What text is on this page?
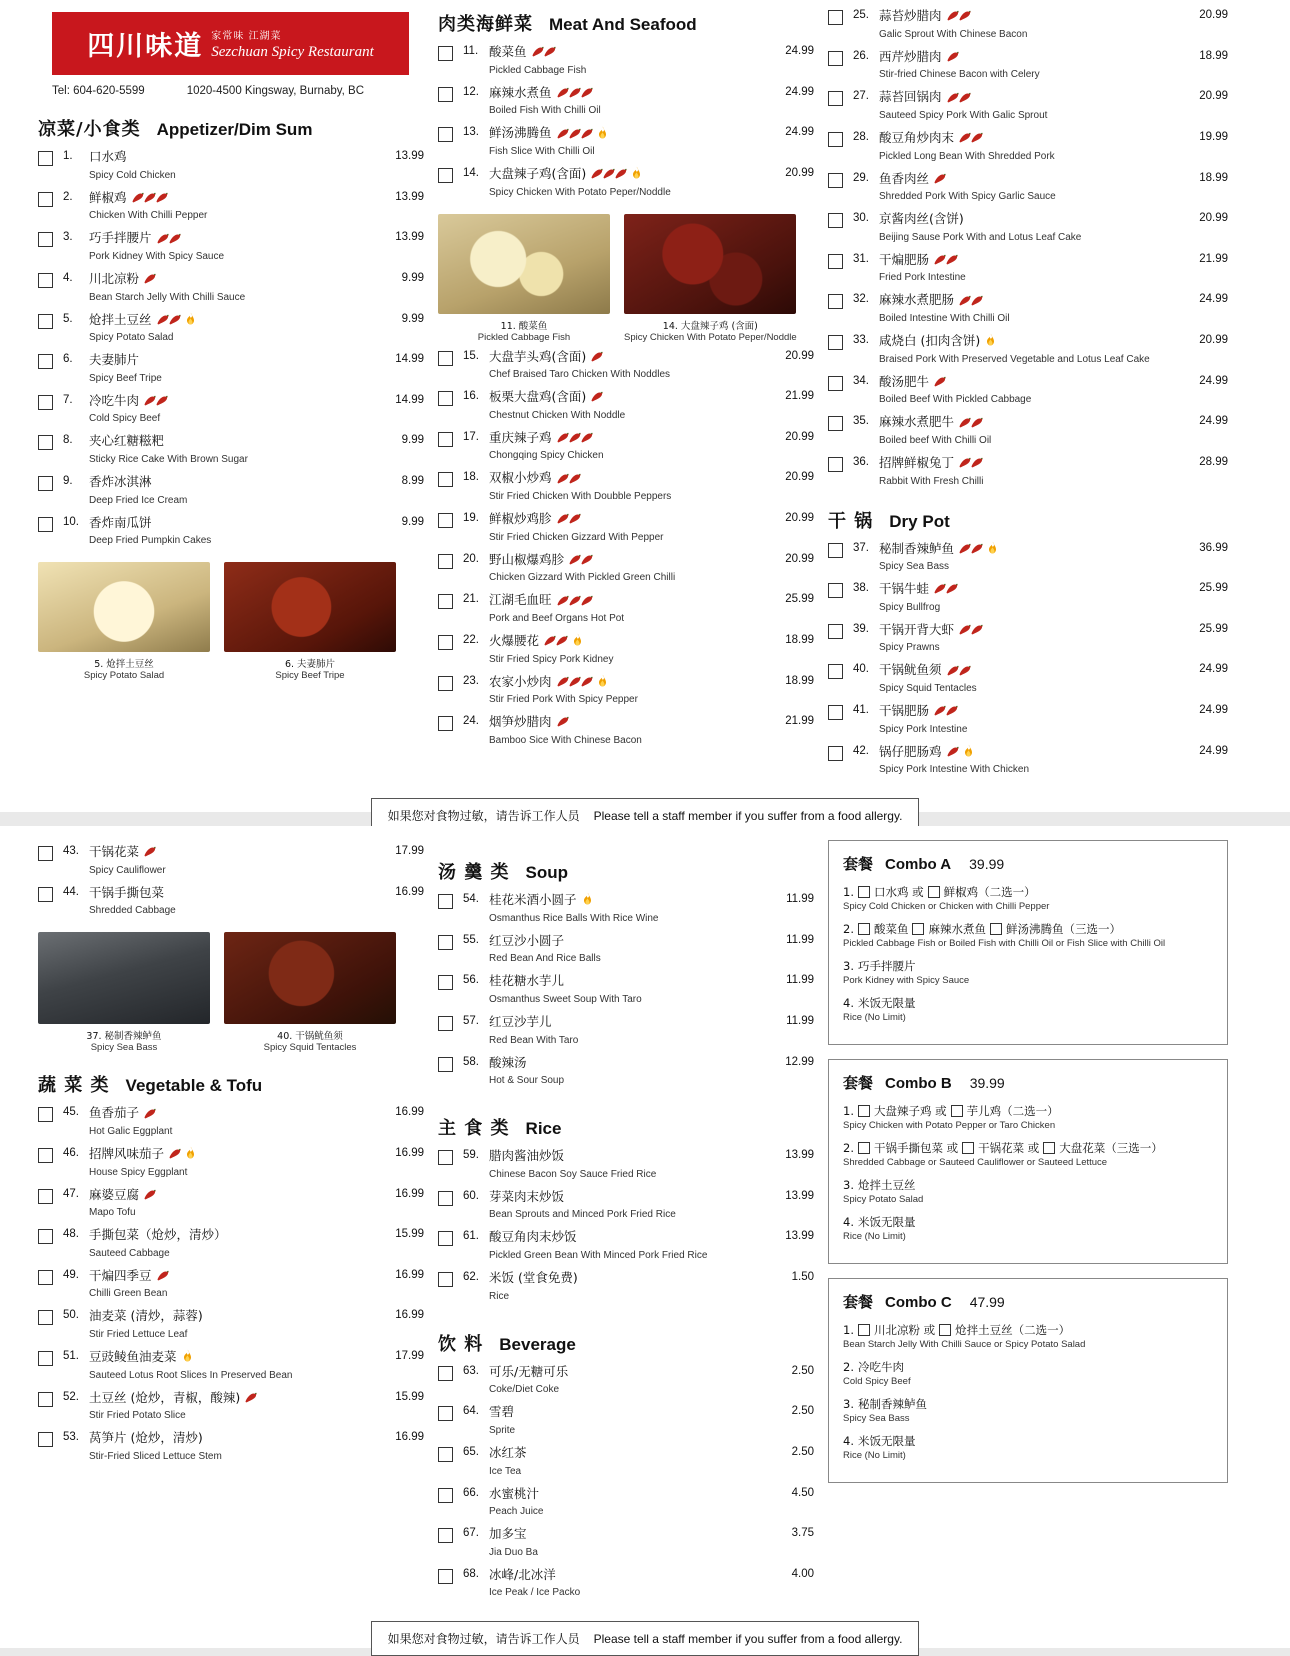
四川味道 家常味 江湖菜
Sezchuan Spicy Restaurant
Tel: 604-620-5599	1020-4500 Kingsway, Burnaby, BC
凉菜/小食类 Appetizer/Dim Sum
1.	口水鸡
Spicy Cold Chicken
13.99
2.	鲜椒鸡
Chicken With Chilli Pepper
13.99
3.	巧手拌腰片
Pork Kidney With Spicy Sauce
13.99
4.	川北凉粉
Bean Starch Jelly With Chilli Sauce
9.99
5.	炝拌土豆丝
Spicy Potato Salad
9.99
6.	夫妻肺片
Spicy Beef Tripe
14.99
7.	冷吃牛肉
Cold Spicy Beef
14.99
8.	夹心红糖糍粑
Sticky Rice Cake With Brown Sugar
9.99
9.	香炸冰淇淋
Deep Fried Ice Cream
8.99
10. 香炸南瓜饼
Deep Fried Pumpkin Cakes
9.99
5. 炝拌土豆丝
Spicy Potato Salad
6. 夫妻肺片
Spicy Beef Tripe
肉类海鲜菜 Meat And Seafood
11. 酸菜鱼
Pickled Cabbage Fish
24.99
12. 麻辣水煮鱼
Boiled Fish With Chilli Oil
24.99
13. 鲜汤沸腾鱼
Fish Slice With Chilli Oil
24.99
14. 大盘辣子鸡(含面)
Spicy Chicken With Potato Peper/Noddle
20.99
11. 酸菜鱼
Pickled Cabbage Fish
14. 大盘辣子鸡 (含面)
Spicy Chicken With Potato Peper/Noddle
15. 大盘芋头鸡(含面)
Chef Braised Taro Chicken With Noddles
20.99
16. 板栗大盘鸡(含面)
Chestnut Chicken With Noddle
21.99
17. 重庆辣子鸡
Chongqing Spicy Chicken
20.99
18. 双椒小炒鸡
Stir Fried Chicken With Doubble Peppers
20.99
19. 鲜椒炒鸡胗
Stir Fried Chicken Gizzard With Pepper
20.99
20. 野山椒爆鸡胗
Chicken Gizzard With Pickled Green Chilli
20.99
21. 江湖毛血旺
Pork and Beef Organs Hot Pot
25.99
22. 火爆腰花
Stir Fried Spicy Pork Kidney
18.99
23. 农家小炒肉
Stir Fried Pork With Spicy Pepper
18.99
24. 烟笋炒腊肉
Bamboo Sice With Chinese Bacon
21.99
25. 蒜苔炒腊肉
Galic Sprout With Chinese Bacon
20.99
26. 西芹炒腊肉
Stir-fried Chinese Bacon with Celery
18.99
27. 蒜苔回锅肉
Sauteed Spicy Pork With Galic Sprout
20.99
28. 酸豆角炒肉末
Pickled Long Bean With Shredded Pork
19.99
29. 鱼香肉丝
Shredded Pork With Spicy Garlic Sauce
18.99
30. 京酱肉丝(含饼)
Beijing Sause Pork With and Lotus Leaf Cake
20.99
31. 干煸肥肠
Fried Pork Intestine
21.99
32. 麻辣水煮肥肠
Boiled Intestine With Chilli Oil
24.99
33. 咸烧白 (扣肉含饼)
Braised Pork With Preserved Vegetable and Lotus Leaf Cake
20.99
34. 酸汤肥牛
Boiled Beef With Pickled Cabbage
24.99
35. 麻辣水煮肥牛
Boiled beef With Chilli Oil
24.99
36. 招牌鲜椒兔丁
Rabbit With Fresh Chilli
28.99
干 锅 Dry Pot
37. 秘制香辣鲈鱼
Spicy Sea Bass
36.99
38. 干锅牛蛙
Spicy Bullfrog
25.99
39. 干锅开背大虾
Spicy Prawns
25.99
40. 干锅鱿鱼须
Spicy Squid Tentacles
24.99
41. 干锅肥肠
Spicy Pork Intestine
24.99
42. 锅仔肥肠鸡
Spicy Pork Intestine With Chicken
24.99
如果您对食物过敏，请告诉工作人员 Please tell a staff member if you suffer from a food allergy.
43. 干锅花菜
Spicy Cauliflower
17.99
44. 干锅手撕包菜
Shredded Cabbage
16.99
37. 秘制香辣鲈鱼
Spicy Sea Bass
40. 干锅鱿鱼须
Spicy Squid Tentacles
蔬 菜 类 Vegetable & Tofu
45. 鱼香茄子
Hot Galic Eggplant
16.99
46. 招牌风味茄子
House Spicy Eggplant
16.99
47. 麻婆豆腐
Mapo Tofu
16.99
48. 手撕包菜（炝炒，清炒）
Sauteed Cabbage
15.99
49. 干煸四季豆
Chilli Green Bean
16.99
50. 油麦菜 (清炒，蒜蓉)
Stir Fried Lettuce Leaf
16.99
51. 豆豉鲮鱼油麦菜
Sauteed Lotus Root Slices In Preserved Bean
17.99
52. 土豆丝 (炝炒，青椒，酸辣)
Stir Fried Potato Slice
15.99
53. 莴笋片 (炝炒，清炒)
Stir-Fried Sliced Lettuce Stem
16.99
汤 羹 类 Soup
54. 桂花米酒小圆子
Osmanthus Rice Balls With Rice Wine
11.99
55. 红豆沙小圆子
Red Bean And Rice Balls
11.99
56. 桂花糖水芋儿
Osmanthus Sweet Soup With Taro
11.99
57. 红豆沙芋儿
Red Bean With Taro
11.99
58. 酸辣汤
Hot & Sour Soup
12.99
主 食 类 Rice
59. 腊肉酱油炒饭
Chinese Bacon Soy Sauce Fried Rice
13.99
60. 芽菜肉末炒饭
Bean Sprouts and Minced Pork Fried Rice
13.99
61. 酸豆角肉末炒饭
Pickled Green Bean With Minced Pork Fried Rice
13.99
62. 米饭 (堂食免费)
Rice
1.50
饮 料 Beverage
63. 可乐/无糖可乐
Coke/Diet Coke
2.50
64. 雪碧
Sprite
2.50
65. 冰红茶
Ice Tea
2.50
66. 水蜜桃汁
Peach Juice
4.50
67. 加多宝
Jia Duo Ba
3.75
68. 冰峰/北冰洋
Ice Peak / Ice Packo
4.00
套餐 Combo A 39.99
1. 口水鸡 或 鲜椒鸡（二选一）
Spicy Cold Chicken or Chicken with Chilli Pepper
2. 酸菜鱼 麻辣水煮鱼 鲜汤沸腾鱼（三选一）
Pickled Cabbage Fish or Boiled Fish with Chilli Oil or Fish Slice with Chilli Oil
3. 巧手拌腰片
Pork Kidney with Spicy Sauce
4. 米饭无限量
Rice (No Limit)
套餐 Combo B 39.99
1. 大盘辣子鸡 或 芋儿鸡（二选一）
Spicy Chicken with Potato Pepper or Taro Chicken
2. 干锅手撕包菜 或 干锅花菜 或 大盘花菜（三选一）
Shredded Cabbage or Sauteed Cauliflower or Sauteed Lettuce
3. 炝拌土豆丝
Spicy Potato Salad
4. 米饭无限量
Rice (No Limit)
套餐 Combo C 47.99
1. 川北凉粉 或 炝拌土豆丝（二选一）
Bean Starch Jelly With Chilli Sauce or Spicy Potato Salad
2. 冷吃牛肉
Cold Spicy Beef
3. 秘制香辣鲈鱼
Spicy Sea Bass
4. 米饭无限量
Rice (No Limit)
如果您对食物过敏，请告诉工作人员 Please tell a staff member if you suffer from a food allergy.
